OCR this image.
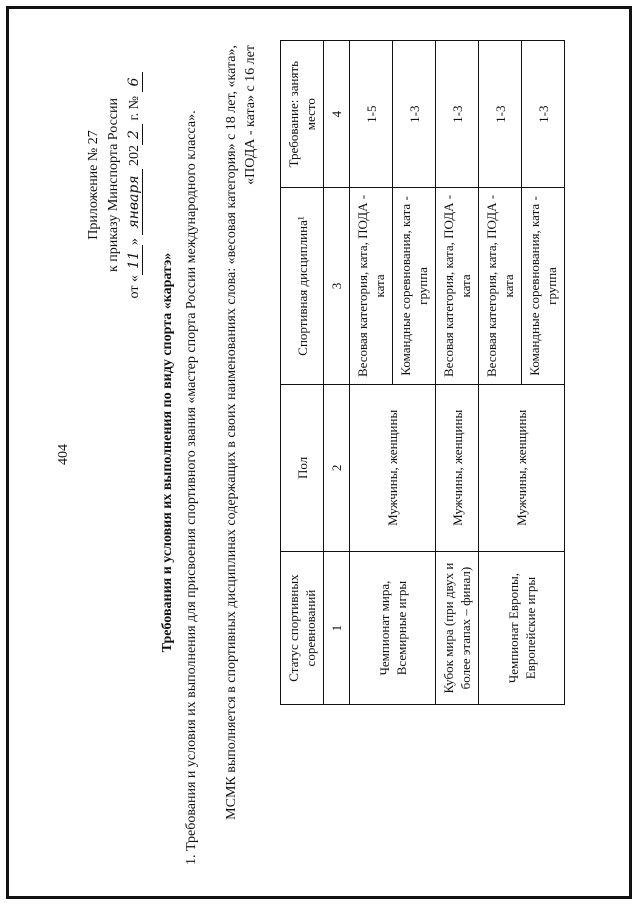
404
Приложение № 27 к приказу Минспорта России
от «11» января 2022 г. № 6
Требования и условия их выполнения по виду спорта «каратэ» 1. Требования и условия их выполнения для присвоения спортивного звания «мастер спорта России международного класса». МСМК выполняется в спортивных дисциплинах содержащих в своих наименованиях слова: «весовая категория» с 18 лет, «ката», «ПОДА - ката» с 16 лет
Статус спортивных соревнований	Пол	Спортивная дисциплина¹	Требование: занять место
1	2	3	4
Чемпионат мира, Всемирные игры	Мужчины, женщины	Весовая категория, ката, ПОДА - ката	1-5
		Командные соревнования, ката - группа	1-3
Кубок мира (при двух и более этапах – финал)	Мужчины, женщины	Весовая категория, ката, ПОДА - ката	1-3
Чемпионат Европы, Европейские игры	Мужчины, женщины	Весовая категория, ката, ПОДА - ката	1-3
		Командные соревнования, ката - группа	1-3
